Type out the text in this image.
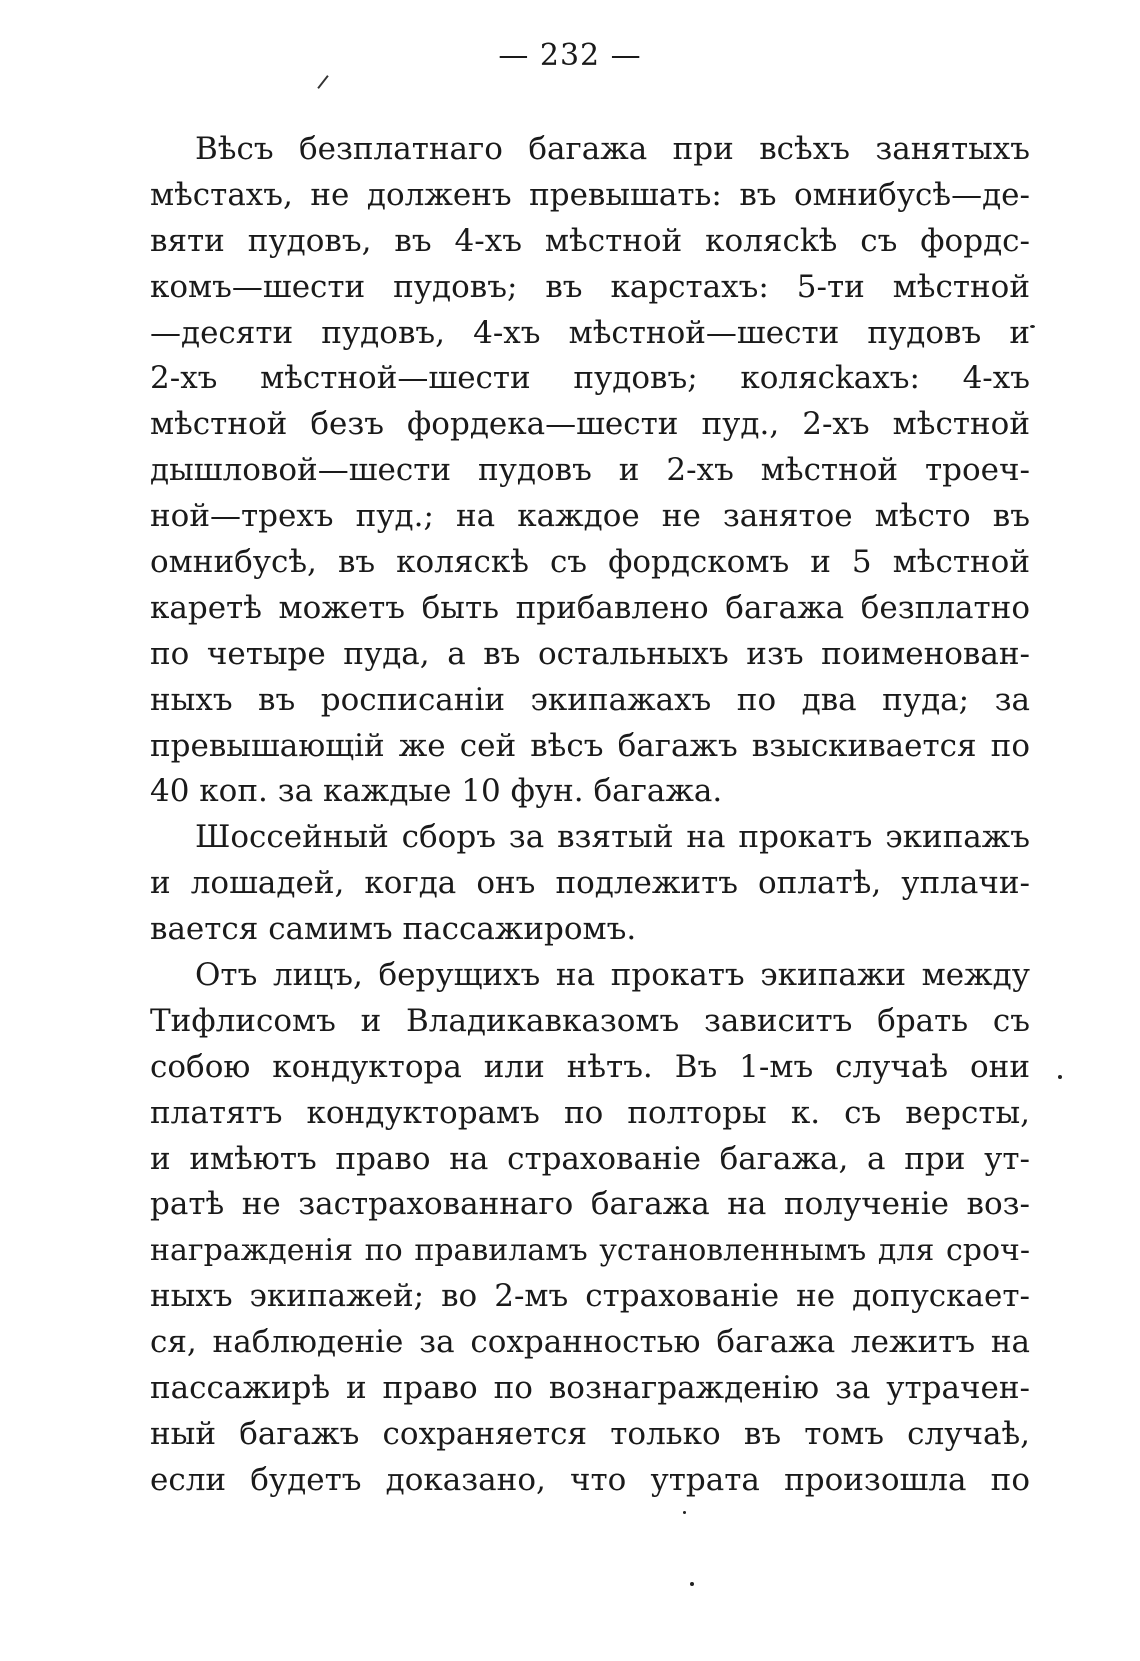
— 232 —
Вѣсъ безплатнаго багажа при всѣхъ занятыхъ
мѣстахъ, не долженъ превышать: въ омнибусѣ—де-
вяти пудовъ, въ 4-хъ мѣстной колясkѣ съ фордс-
комъ—шести пудовъ; въ карстахъ: 5-ти мѣстной
—десяти пудовъ, 4-хъ мѣстной—шести пудовъ и
2-хъ мѣстной—шести пудовъ; колясkахъ: 4-хъ
мѣстной безъ фордека—шести пуд., 2-хъ мѣстной
дышловой—шести пудовъ и 2-хъ мѣстной троеч-
ной—трехъ пуд.; на каждое не занятое мѣсто въ
омнибусѣ, въ коляскѣ съ фордскомъ и 5 мѣстной
каретѣ можетъ быть прибавлено багажа безплатно
по четыре пуда, а въ остальныхъ изъ поименован-
ныхъ въ росписаніи экипажахъ по два пуда; за
превышающій же сей вѣсъ багажъ взыскивается по
40 коп. за каждые 10 фун. багажа.
Шоссейный сборъ за взятый на прокатъ экипажъ
и лошадей, когда онъ подлежитъ оплатѣ, уплачи-
вается самимъ пассажиромъ.
Отъ лицъ, берущихъ на прокатъ экипажи между
Тифлисомъ и Владикавказомъ зависитъ брать съ
собою кондуктора или нѣтъ. Въ 1-мъ случаѣ они
платятъ кондукторамъ по полторы к. съ версты,
и имѣютъ право на страхованіе багажа, а при ут-
ратѣ не застрахованнаго багажа на полученіе воз-
награжденія по правиламъ установленнымъ для сроч-
ныхъ экипажей; во 2-мъ страхованіе не допускает-
ся, наблюденіе за сохранностью багажа лежитъ на
пассажирѣ и право по вознагражденію за утрачен-
ный багажъ сохраняется только въ томъ случаѣ,
если будетъ доказано, что утрата произошла по
